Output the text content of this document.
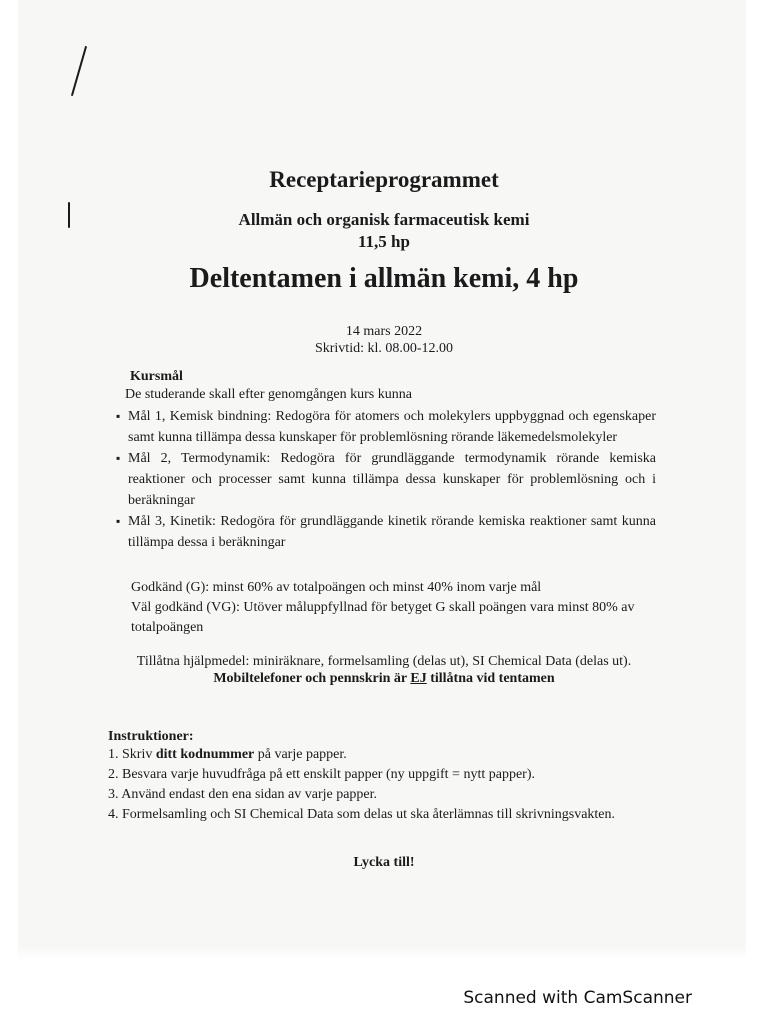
Receptarieprogrammet
Allmän och organisk farmaceutisk kemi
11,5 hp
Deltentamen i allmän kemi, 4 hp
14 mars 2022
Skrivtid: kl. 08.00-12.00
Kursmål
De studerande skall efter genomgången kurs kunna
▪ Mål 1, Kemisk bindning: Redogöra för atomers och molekylers uppbyggnad och egenskaper samt kunna tillämpa dessa kunskaper för problemlösning rörande läkemedelsmolekyler
▪ Mål 2, Termodynamik: Redogöra för grundläggande termodynamik rörande kemiska reaktioner och processer samt kunna tillämpa dessa kunskaper för problemlösning och i beräkningar
▪ Mål 3, Kinetik: Redogöra för grundläggande kinetik rörande kemiska reaktioner samt kunna tillämpa dessa i beräkningar
Godkänd (G): minst 60% av totalpoängen och minst 40% inom varje mål
Väl godkänd (VG): Utöver måluppfyllnad för betyget G skall poängen vara minst 80% av totalpoängen
Tillåtna hjälpmedel: miniräknare, formelsamling (delas ut), SI Chemical Data (delas ut).
Mobiltelefoner och pennskrin är EJ tillåtna vid tentamen
Instruktioner:
1. Skriv ditt kodnummer på varje papper.
2. Besvara varje huvudfråga på ett enskilt papper (ny uppgift = nytt papper).
3. Använd endast den ena sidan av varje papper.
4. Formelsamling och SI Chemical Data som delas ut ska återlämnas till skrivningsvakten.
Lycka till!
Scanned with CamScanner
